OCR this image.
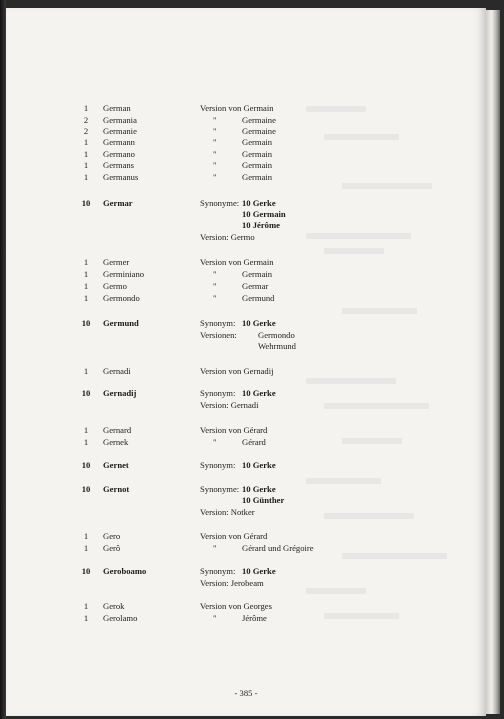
1	German	Version von Germain
2	Germania	"	Germaine
2	Germanie	"	Germaine
1	Germann	"	Germain
1	Germano	"	Germain
1	Germans	"	Germain
1	Germanus	"	Germain
10	Germar	Synonyme: 10 Gerke
10 Germain
10 Jérôme
Version: Germo
1	Germer	Version von Germain
1	Germiniano	"	Germain
1	Germo	"	Germar
1	Germondo	"	Germund
10	Germund	Synonym: 10 Gerke
Versionen: Germondo
Wehrmund
1	Gernadi	Version von Gernadij
10	Gernadij	Synonym: 10 Gerke
Version: Gernadi
1	Gernard	Version von Gérard
1	Gernek	"	Gérard
10	Gernet	Synonym: 10 Gerke
10	Gernot	Synonyme: 10 Gerke
10 Günther
Version: Notker
1	Gero	Version von Gérard
1	Gerô	"	Gérard und Grégoire
10	Geroboamo	Synonym: 10 Gerke
Version: Jerobeam
1	Gerok	Version von Georges
1	Gerolamo	"	Jérôme
- 385 -
